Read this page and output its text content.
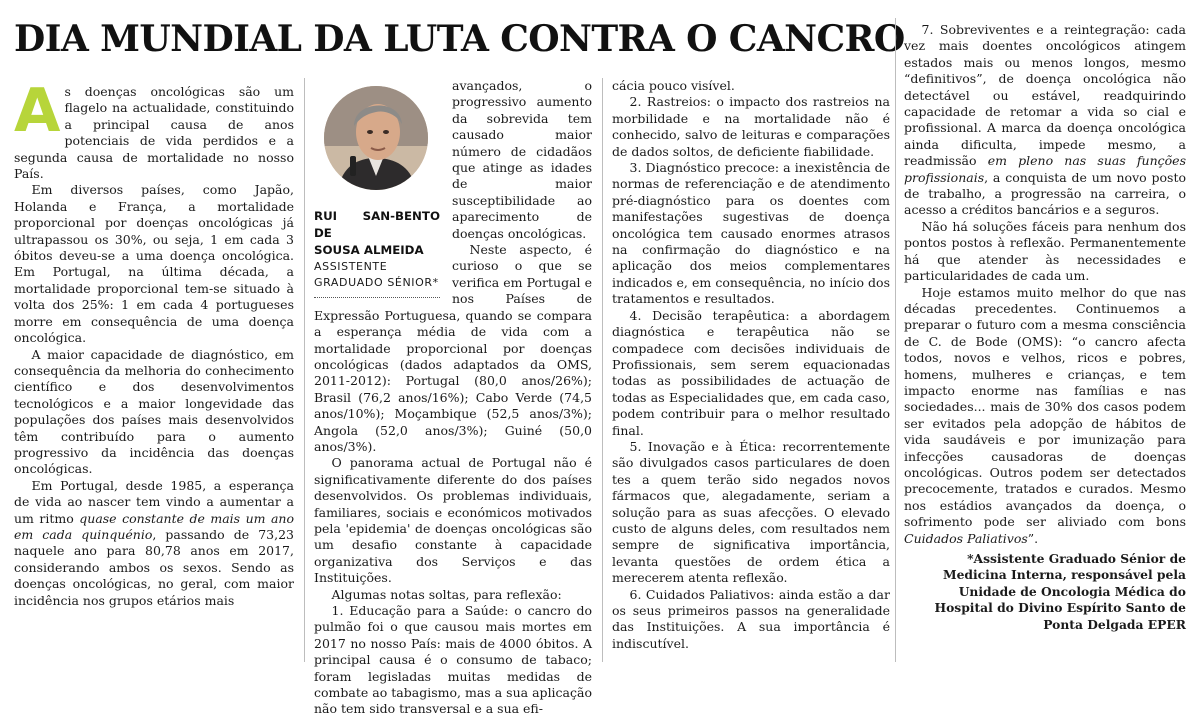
DIA MUNDIAL DA LUTA CONTRA O CANCRO

As doenças oncológicas são um flagelo na actualidade, constituindo a principal causa de anos potenciais de vida perdidos e a segunda causa de mortalidade no nosso País.

Em diversos países, como Japão, Holanda e França, a mortalidade proporcional por doenças oncológicas já ultrapassou os 30%, ou seja, 1 em cada 3 óbitos deveu-se a uma doença oncológica. Em Portugal, na última década, a mortalidade proporcional tem-se situado à volta dos 25%: 1 em cada 4 portugueses morre em consequência de uma doença oncológica.

A maior capacidade de diagnóstico, em consequência da melhoria do conhecimento científico e dos desenvolvimentos tecnológicos e a maior longevidade das populações dos países mais desenvolvidos têm contribuído para o aumento progressivo da incidência das doenças oncológicas.

Em Portugal, desde 1985, a esperança de vida ao nascer tem vindo a aumentar a um ritmo quase constante de mais um ano em cada quinquénio, passando de 73,23 naquele ano para 80,78 anos em 2017, considerando ambos os sexos. Sendo as doenças oncológicas, no geral, com maior incidência nos grupos etários mais

RUI SAN-BENTO DE
SOUSA ALMEIDA
ASSISTENTE
GRADUADO SÉNIOR*

avançados, o progressivo aumento da sobrevida tem causado maior número de cidadãos que atinge as idades de maior susceptibilidade ao aparecimento de doenças oncológicas.

Neste aspecto, é curioso o que se verifica em Portugal e nos Países de Expressão Portuguesa, quando se compara a esperança média de vida com a mortalidade proporcional por doenças oncológicas (dados adaptados da OMS, 2011-2012): Portugal (80,0 anos/26%); Brasil (76,2 anos/16%); Cabo Verde (74,5 anos/10%); Moçambique (52,5 anos/3%); Angola (52,0 anos/3%); Guiné (50,0 anos/3%).

O panorama actual de Portugal não é significativamente diferente do dos países desenvolvidos. Os problemas individuais, familiares, sociais e económicos motivados pela 'epidemia' de doenças oncológicas são um desafio constante à capacidade organizativa dos Serviços e das Instituições.

Algumas notas soltas, para reflexão:

1. Educação para a Saúde: o cancro do pulmão foi o que causou mais mortes em 2017 no nosso País: mais de 4000 óbitos. A principal causa é o consumo de tabaco; foram legisladas muitas medidas de combate ao tabagismo, mas a sua aplicação não tem sido transversal e a sua efi-

cácia pouco visível.

2. Rastreios: o impacto dos rastreios na morbilidade e na mortalidade não é conhecido, salvo de leituras e comparações de dados soltos, de deficiente fiabilidade.

3. Diagnóstico precoce: a inexistência de normas de referenciação e de atendimento pré-diagnóstico para os doentes com manifestações sugestivas de doença oncológica tem causado enormes atrasos na confirmação do diagnóstico e na aplicação dos meios complementares indicados e, em consequência, no início dos tratamentos e resultados.

4. Decisão terapêutica: a abordagem diagnóstica e terapêutica não se compadece com decisões individuais de Profissionais, sem serem equacionadas todas as possibilidades de actuação de todas as Especialidades que, em cada caso, podem contribuir para o melhor resultado final.

5. Inovação e à Ética: recorrentemente são divulgados casos particulares de doen tes a quem terão sido negados novos fármacos que, alegadamente, seriam a solução para as suas afecções. O elevado custo de alguns deles, com resultados nem sempre de significativa importância, levanta questões de ordem ética a merecerem atenta reflexão.

6. Cuidados Paliativos: ainda estão a dar os seus primeiros passos na generalidade das Instituições. A sua importância é indiscutível.

7. Sobreviventes e a reintegração: cada vez mais doentes oncológicos atingem estados mais ou menos longos, mesmo “definitivos”, de doença oncológica não detectável ou estável, readquirindo capacidade de retomar a vida so cial e profissional. A marca da doença oncológica ainda dificulta, impede mesmo, a readmissão em pleno nas suas funções profissionais, a conquista de um novo posto de trabalho, a progressão na carreira, o acesso a créditos bancários e a seguros.

Não há soluções fáceis para nenhum dos pontos postos à reflexão. Permanentemente há que atender às necessidades e particularidades de cada um.

Hoje estamos muito melhor do que nas décadas precedentes. Continuemos a preparar o futuro com a mesma consciência de C. de Bode (OMS): “o cancro afecta todos, novos e velhos, ricos e pobres, homens, mulheres e crianças, e tem impacto enorme nas famílias e nas sociedades... mais de 30% dos casos podem ser evitados pela adopção de hábitos de vida saudáveis e por imunização para infecções causadoras de doenças oncológicas. Outros podem ser detectados precocemente, tratados e curados. Mesmo nos estádios avançados da doença, o sofrimento pode ser aliviado com bons Cuidados Paliativos”.

*Assistente Graduado Sénior de Medicina Interna, responsável pela Unidade de Oncologia Médica do Hospital do Divino Espírito Santo de Ponta Delgada EPER
